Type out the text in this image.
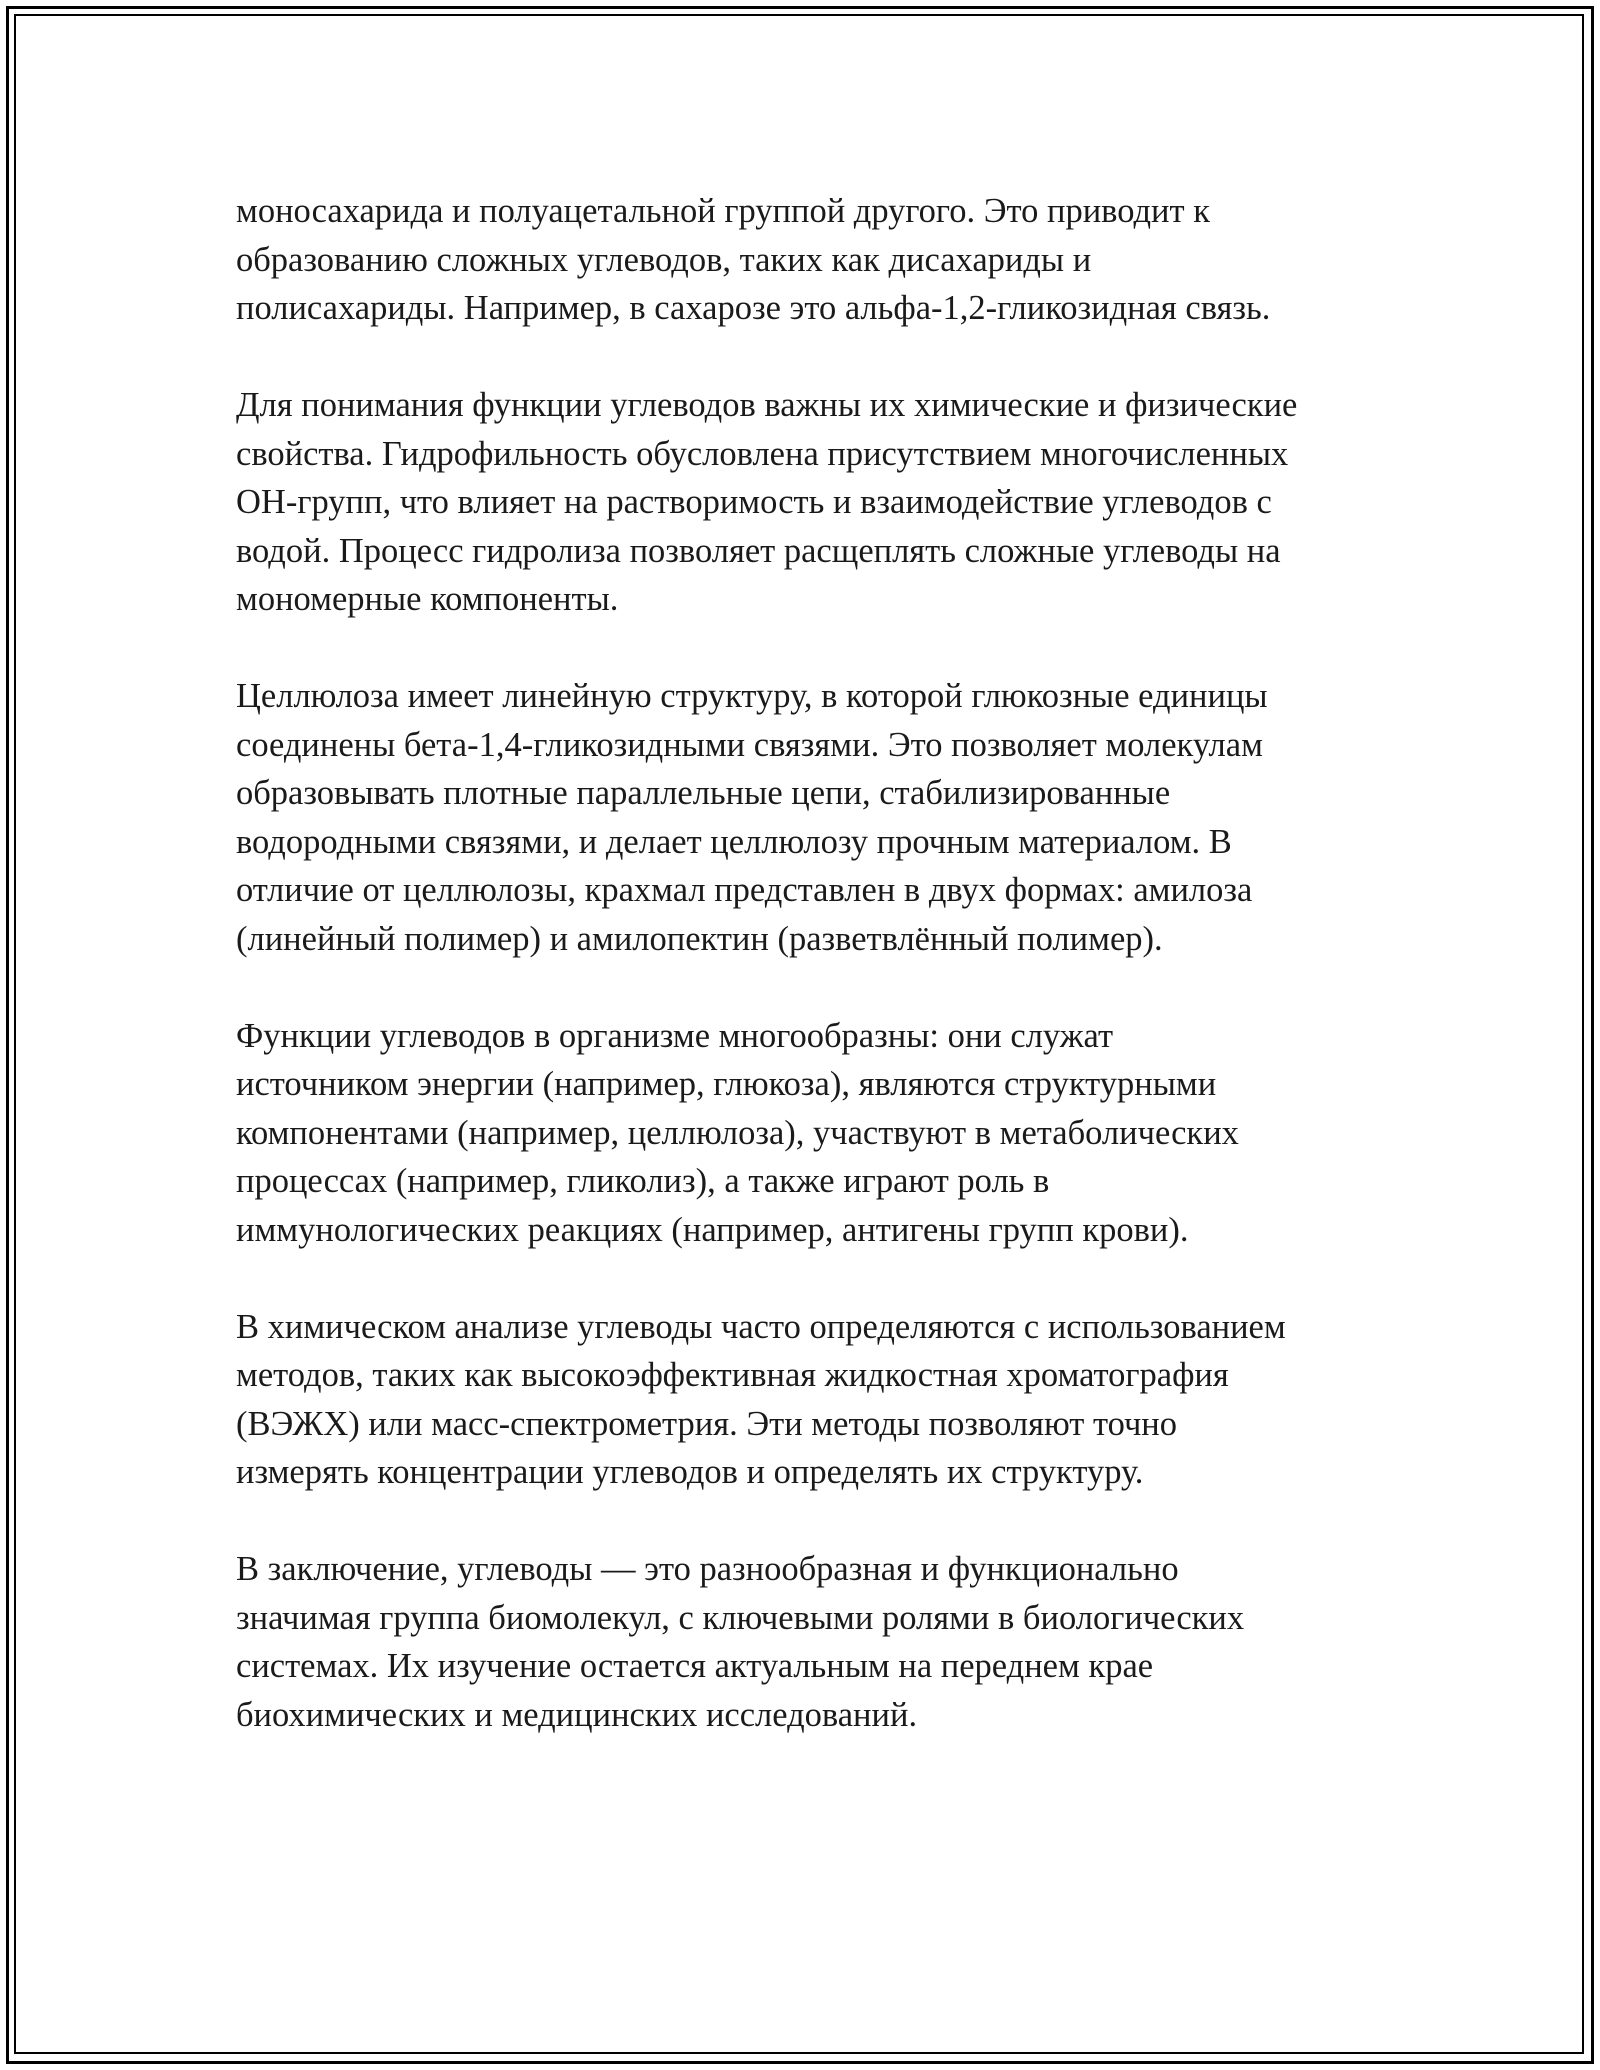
моносахарида и полуацетальной группой другого. Это приводит к
образованию сложных углеводов, таких как дисахариды и
полисахариды. Например, в сахарозе это альфа-1,2-гликозидная связь.

Для понимания функции углеводов важны их химические и физические
свойства. Гидрофильность обусловлена присутствием многочисленных
ОН-групп, что влияет на растворимость и взаимодействие углеводов с
водой. Процесс гидролиза позволяет расщеплять сложные углеводы на
мономерные компоненты.

Целлюлоза имеет линейную структуру, в которой глюкозные единицы
соединены бета-1,4-гликозидными связями. Это позволяет молекулам
образовывать плотные параллельные цепи, стабилизированные
водородными связями, и делает целлюлозу прочным материалом. В
отличие от целлюлозы, крахмал представлен в двух формах: амилоза
(линейный полимер) и амилопектин (разветвлённый полимер).

Функции углеводов в организме многообразны: они служат
источником энергии (например, глюкоза), являются структурными
компонентами (например, целлюлоза), участвуют в метаболических
процессах (например, гликолиз), а также играют роль в
иммунологических реакциях (например, антигены групп крови).

В химическом анализе углеводы часто определяются с использованием
методов, таких как высокоэффективная жидкостная хроматография
(ВЭЖХ) или масс-спектрометрия. Эти методы позволяют точно
измерять концентрации углеводов и определять их структуру.

В заключение, углеводы — это разнообразная и функционально
значимая группа биомолекул, с ключевыми ролями в биологических
системах. Их изучение остается актуальным на переднем крае
биохимических и медицинских исследований.
